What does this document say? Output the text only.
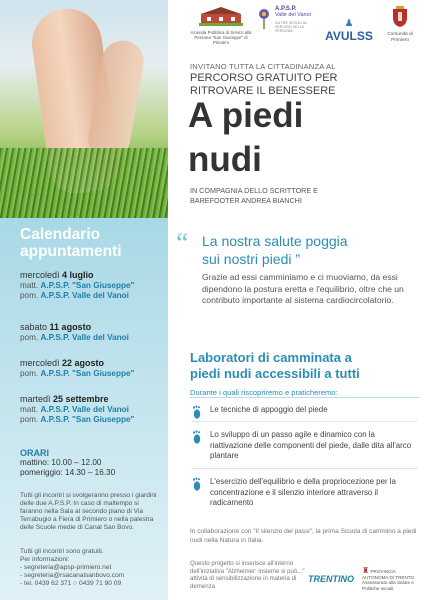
Calendario
appuntamenti
mercoledì 4 luglio
matt. A.P.S.P. "San Giuseppe"
pom. A.P.S.P. Valle del Vanoi
sabato 11 agosto
pom. A.P.S.P. Valle del Vanoi
mercoledì 22 agosto
pom. A.P.S.P. "San Giuseppe"
martedì 25 settembre
matt. A.P.S.P. Valle del Vanoi
pom. A.P.S.P. "San Giuseppe"
ORARI
mattino: 10.00 – 12.00
pomeriggio: 14.30 – 16.30
Tutti gli incontri si svolgeranno presso i giardini delle due A.P.S.P. In caso di maltempo si faranno nella Sala al secondo piano di Via Terrabugio a Fiera di Primiero o nella palestra delle Scuole medie di Canal San Bovo.
Tutti gli incontri sono gratuiti.
Per informazioni:
- segreteria@apsp-primiero.net
- segreteria@rsacanalsanbovo.com
- tel. 0439 62 371 ○ 0439 71 90 09
Azienda Pubblica di Servizi alla Persona "San Giuseppe" di Primiero
A.P.S.P.
Valle del Vanoi
DA TRE SECOLI AL SERVIZIO DELLA PERSONA
♟ AVULSS	Comunità di Primiero
INVITANO TUTTA LA CITTADINANZA AL
PERCORSO GRATUITO PER
RITROVARE IL BENESSERE
A piedi
nudi
IN COMPAGNIA DELLO SCRITTORE E
BAREFOOTER ANDREA BIANCHI
“ La nostra salute poggia
sui nostri piedi ”
Grazie ad essi camminiamo e ci muoviamo, da essi dipendono la postura eretta e l'equilibrio, oltre che un contributo importante al sistema cardiocircolatorio.
Laboratori di camminata a
piedi nudi accessibili a tutti
Durante i quali riscopriremo e praticheremo:
Le tecniche di appoggio del piede
Lo sviluppo di un passo agile e dinamico con la riattivazione delle componenti del piede, dalle dita all'arco plantare
L'esercizio dell'equilibrio e della propriocezione per la concentrazione e il silenzio interiore attraverso il radicamento
In collaborazione con "Il silenzio dei passi", la prima Scuola di cammino a piedi nudi nella Natura in Italia.
Questo progetto si inserisce all'interno dell'iniziativa "Alzheimer: insieme si può..." attività di sensibilizzazione in materia di demenza
TRENTINO
♜ PROVINCIA AUTONOMA DI TRENTO Assessorato alla Salute e Politiche sociali
